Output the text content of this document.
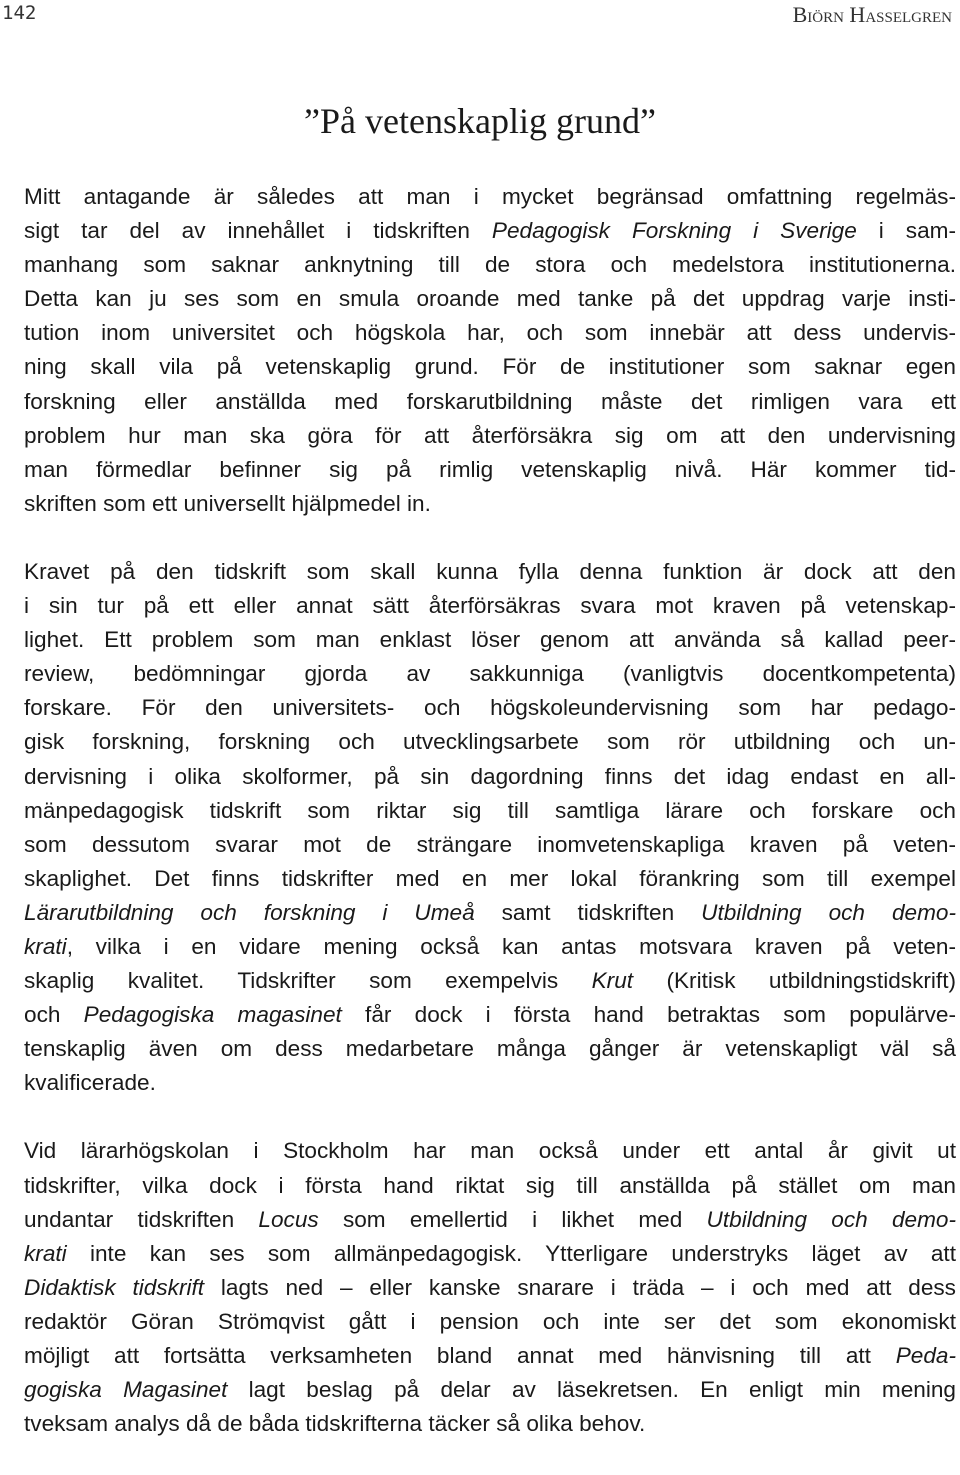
142	Biörn Hasselgren
”På vetenskaplig grund”
Mitt antagande är således att man i mycket begränsad omfattning regelmäs-
sigt tar del av innehållet i tidskriften Pedagogisk Forskning i Sverige i sam-
manhang som saknar anknytning till de stora och medelstora institutionerna.
Detta kan ju ses som en smula oroande med tanke på det uppdrag varje insti-
tution inom universitet och högskola har, och som innebär att dess undervis-
ning skall vila på vetenskaplig grund. För de institutioner som saknar egen
forskning eller anställda med forskarutbildning måste det rimligen vara ett
problem hur man ska göra för att återförsäkra sig om att den undervisning
man förmedlar befinner sig på rimlig vetenskaplig nivå. Här kommer tid-
skriften som ett universellt hjälpmedel in.
Kravet på den tidskrift som skall kunna fylla denna funktion är dock att den
i sin tur på ett eller annat sätt återförsäkras svara mot kraven på vetenskap-
lighet. Ett problem som man enklast löser genom att använda så kallad peer-
review, bedömningar gjorda av sakkunniga (vanligtvis docentkompetenta)
forskare. För den universitets- och högskoleundervisning som har pedago-
gisk forskning, forskning och utvecklingsarbete som rör utbildning och un-
dervisning i olika skolformer, på sin dagordning finns det idag endast en all-
mänpedagogisk tidskrift som riktar sig till samtliga lärare och forskare och
som dessutom svarar mot de strängare inomvetenskapliga kraven på veten-
skaplighet. Det finns tidskrifter med en mer lokal förankring som till exempel
Lärarutbildning och forskning i Umeå samt tidskriften Utbildning och demo-
krati, vilka i en vidare mening också kan antas motsvara kraven på veten-
skaplig kvalitet. Tidskrifter som exempelvis Krut (Kritisk utbildningstidskrift)
och Pedagogiska magasinet får dock i första hand betraktas som populärve-
tenskaplig även om dess medarbetare många gånger är vetenskapligt väl så
kvalificerade.
Vid lärarhögskolan i Stockholm har man också under ett antal år givit ut
tidskrifter, vilka dock i första hand riktat sig till anställda på stället om man
undantar tidskriften Locus som emellertid i likhet med Utbildning och demo-
krati inte kan ses som allmänpedagogisk. Ytterligare understryks läget av att
Didaktisk tidskrift lagts ned – eller kanske snarare i träda – i och med att dess
redaktör Göran Strömqvist gått i pension och inte ser det som ekonomiskt
möjligt att fortsätta verksamheten bland annat med hänvisning till att Peda-
gogiska Magasinet lagt beslag på delar av läsekretsen. En enligt min mening
tveksam analys då de båda tidskrifterna täcker så olika behov.
